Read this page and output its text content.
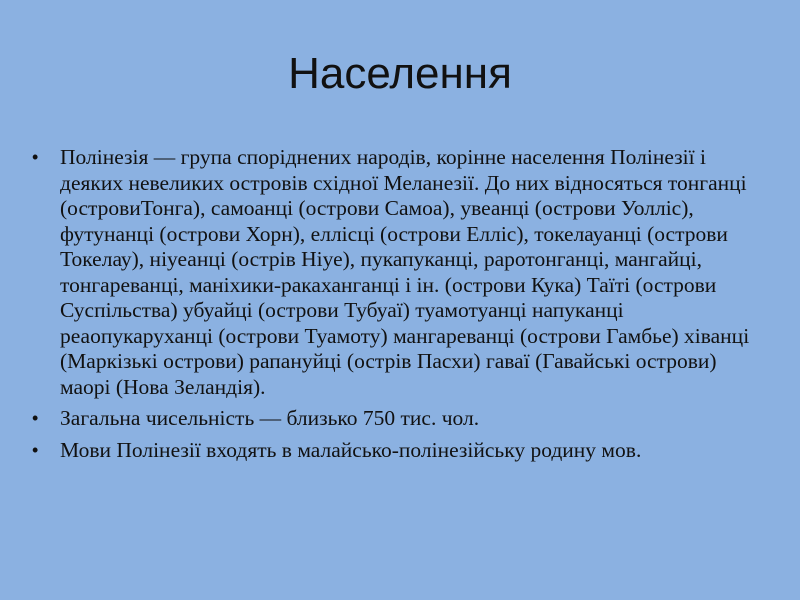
Населення
•	Полінезія — група споріднених народів, корінне населення Полінезії і деяких невеликих островів східної Меланезії. До них відносяться тонганці (островиТонга), самоанці (острови Самоа), увеанці (острови Уолліс), футунанці (острови Хорн), еллісці (острови Елліс), токелауанці (острови Токелау), ніуеанці (острів Ніуе), пукапуканці, раротонганці, мангайці, тонгареванці, маніхики-ракаханганці і ін. (острови Кука) Таїті (острови Суспільства) убуайці (острови Тубуаї) туамотуанці напуканці реаопукаруханці (острови Туамоту) мангареванці (острови Гамбье) хіванці (Маркізькі острови) рапануйці (острів Пасхи) гаваї (Гавайські острови) маорі (Нова Зеландія).
•	Загальна чисельність — близько 750 тис. чол.
•	Мови Полінезії входять в малайсько-полінезійську родину мов.
